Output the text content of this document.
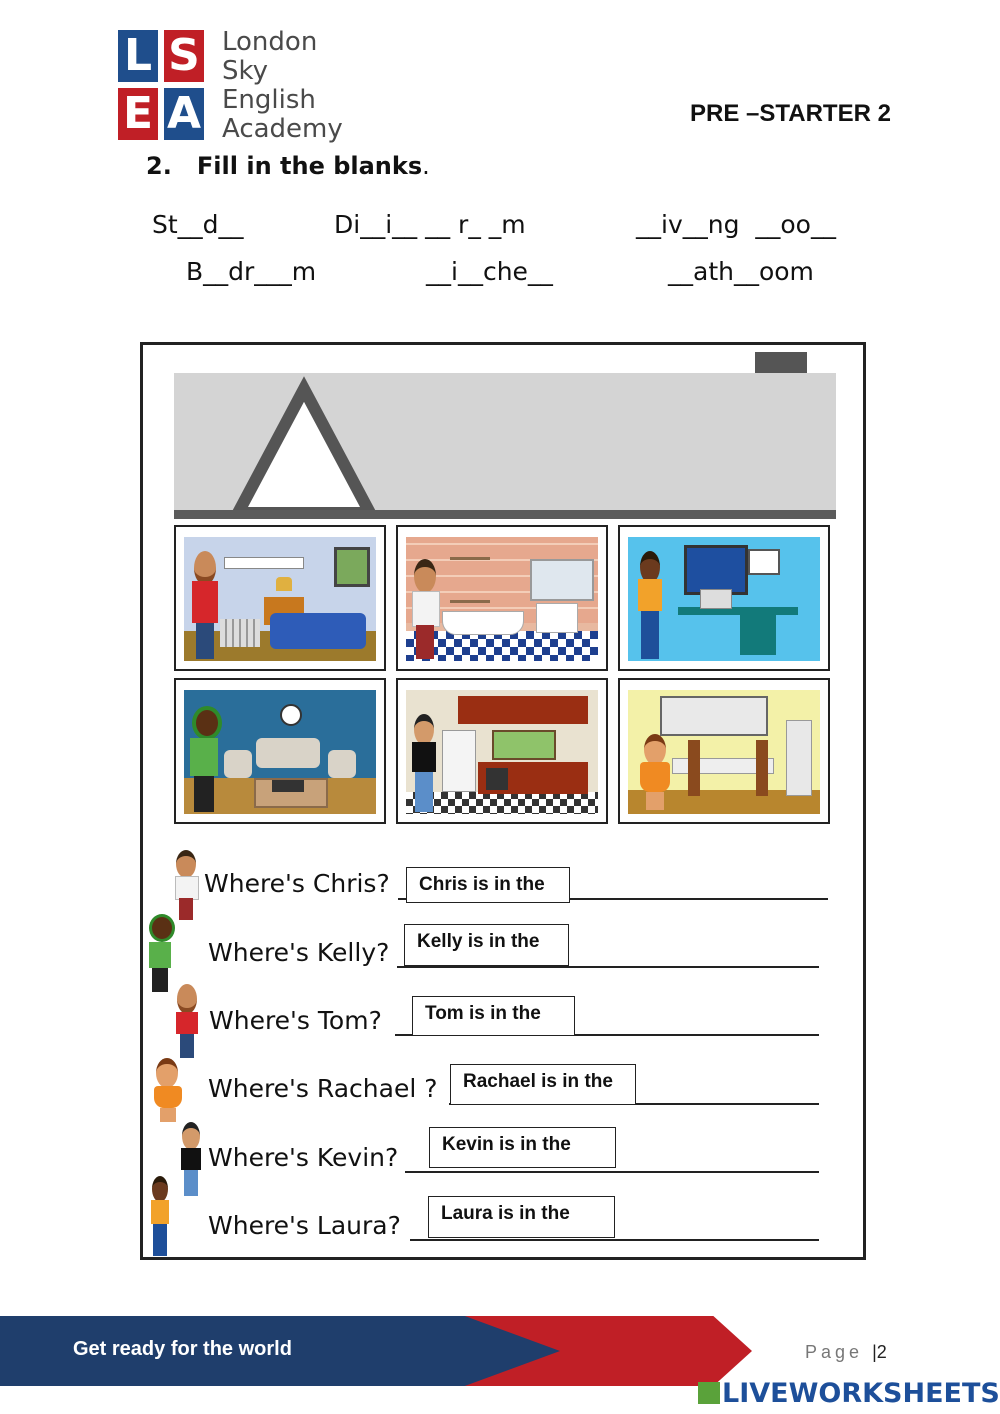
L S
E A
London
Sky
English
Academy
PRE –STARTER 2
2. Fill in the blanks.
St__d__	Di__i__ __ r_ _m	__iv__ng  __oo__
B__dr___m	__i__che__	__ath__oom
Where's Chris?	Chris is in the
Where's Kelly?	Kelly is in the
Where's Tom?	Tom is in the
Where's Rachael ?	Rachael is in the
Where's Kevin?	Kevin is in the
Where's Laura?	Laura is in the
Get ready for the world	Page |2
LIVEWORKSHEETS
